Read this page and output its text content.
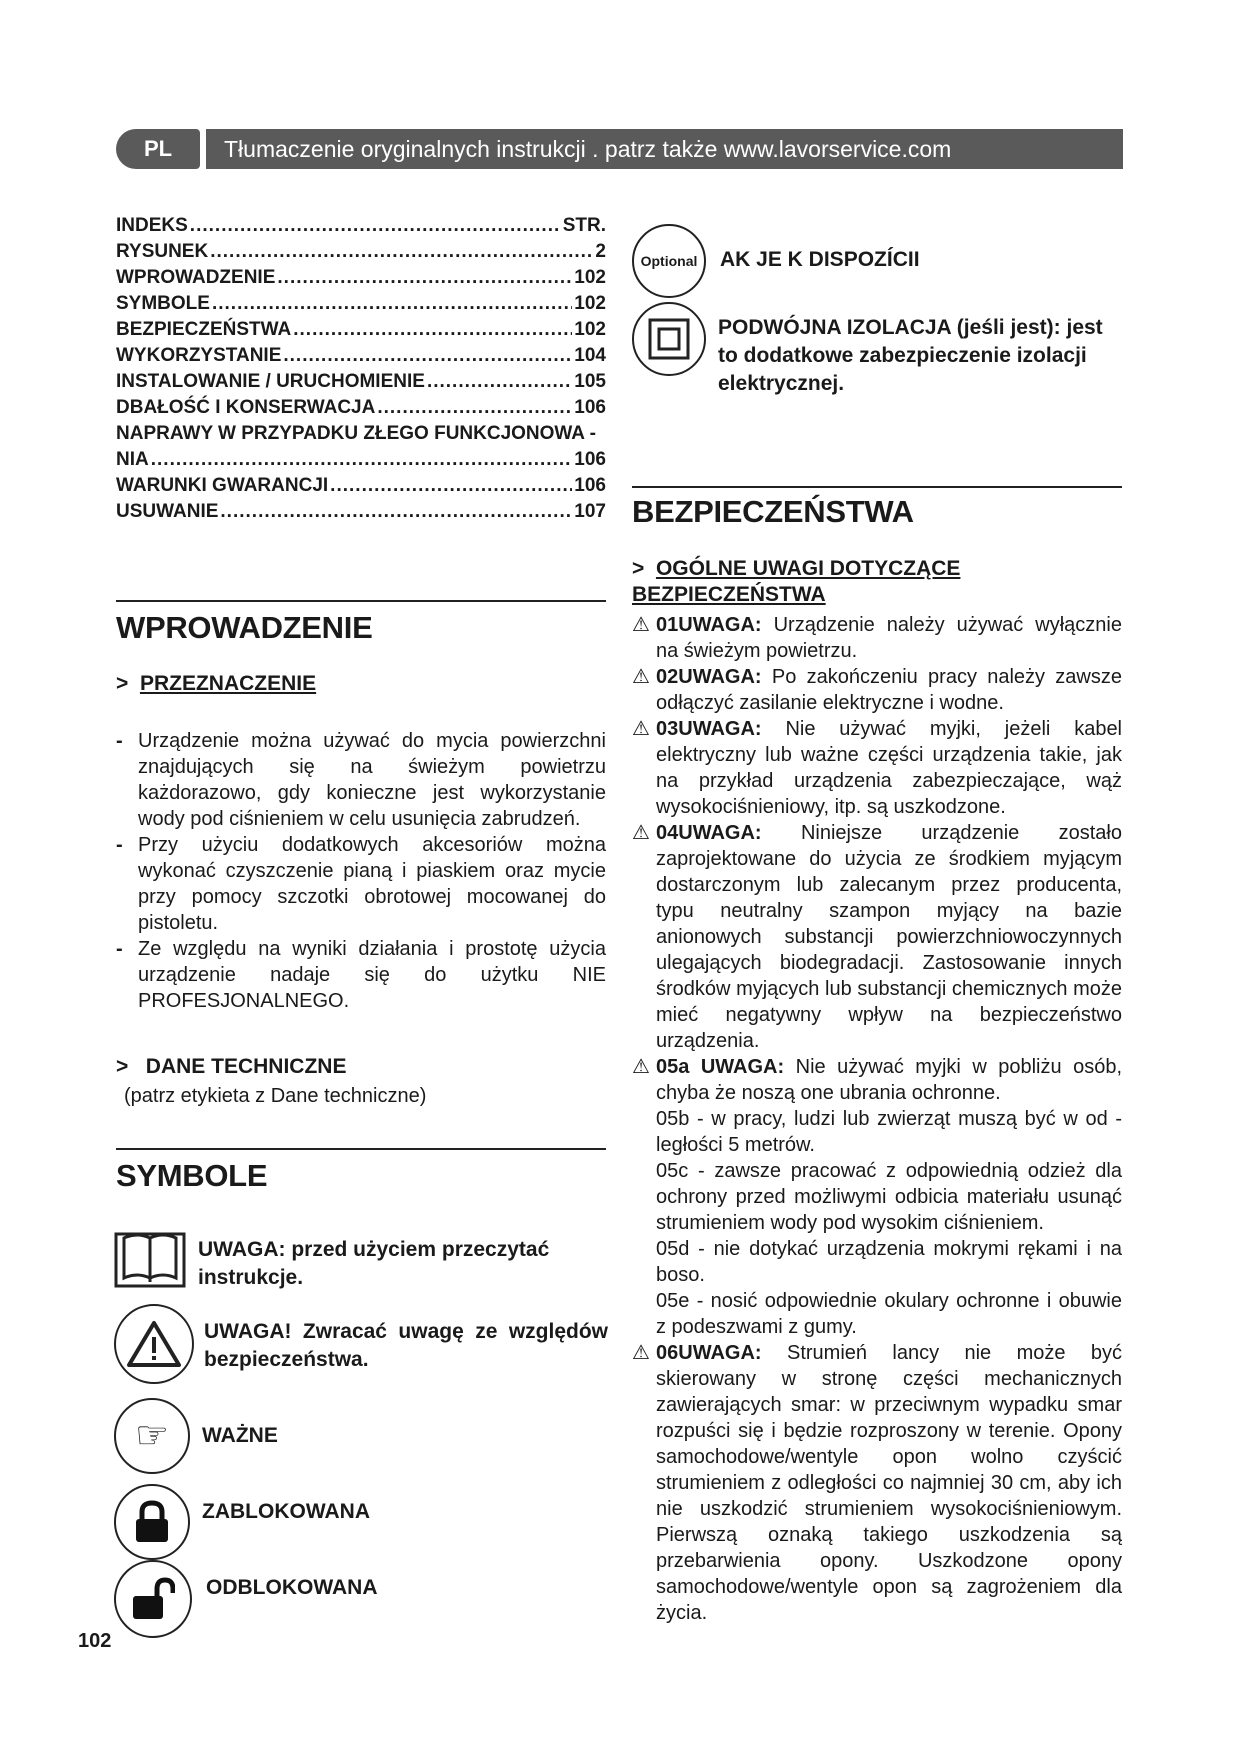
PL	Tłumaczenie oryginalnych instrukcji . patrz także www.lavorservice.com
INDEKS .....	STR.
RYSUNEK .....	2
WPROWADZENIE .....	102
SYMBOLE .....	102
BEZPIECZEŃSTWA .....	102
WYKORZYSTANIE .....	104
INSTALOWANIE / URUCHOMIENIE .....	105
DBAŁOŚĆ I KONSERWACJA .....	106
NAPRAWY W PRZYPADKU ZŁEGO FUNKCJONOWA -
NIA .....	106
WARUNKI GWARANCJI .....	106
USUWANIE .....	107
WPROWADZENIE
>  PRZEZNACZENIE
- Urządzenie można używać do mycia powierzchni znajdujących się na świeżym powietrzu każdorazowo, gdy konieczne jest wykorzystanie wody pod ciśnieniem w celu usunięcia zabrudzeń.
- Przy użyciu dodatkowych akcesoriów można wykonać czyszczenie pianą i piaskiem oraz mycie przy pomocy szczotki obrotowej mocowanej do pistoletu.
- Ze względu na wyniki działania i prostotę użycia urządzenie nadaje się do użytku NIE PROFESJONALNEGO.
>   DANE TECHNICZNE
(patrz etykieta z Dane techniczne)
SYMBOLE
UWAGA: przed użyciem przeczytać instrukcje.
UWAGA! Zwracać uwagę ze względów bezpieczeństwa.
☞ WAŻNE
ZABLOKOWANA
ODBLOKOWANA
102
Optional AK JE K DISPOZÍCII
PODWÓJNA IZOLACJA (jeśli jest): jest to dodatkowe zabezpieczenie izolacji elektrycznej.
BEZPIECZEŃSTWA
>  OGÓLNE UWAGI DOTYCZĄCE BEZPIECZEŃSTWA
⚠ 01UWAGA: Urządzenie należy używać wyłącznie na świeżym powietrzu.
⚠ 02UWAGA: Po zakończeniu pracy należy zawsze odłączyć zasilanie elektryczne i wodne.
⚠ 03UWAGA: Nie używać myjki, jeżeli kabel elektryczny lub ważne części urządzenia takie, jak na przykład urządzenia zabezpieczające, wąż wysokociśnieniowy, itp. są uszkodzone.
⚠ 04UWAGA: Niniejsze urządzenie zostało zaprojektowane do użycia ze środkiem myjącym dostarczonym lub zalecanym przez producenta, typu neutralny szampon myjący na bazie anionowych substancji powierzchniowoczynnych ulegających biodegradacji. Zastosowanie innych środków myjących lub substancji chemicznych może mieć negatywny wpływ na bezpieczeństwo urządzenia.
⚠ 05a UWAGA: Nie używać myjki w pobliżu osób, chyba że noszą one ubrania ochronne.
05b - w pracy, ludzi lub zwierząt muszą być w od - ległości 5 metrów.
05c - zawsze pracować z odpowiednią odzież dla ochrony przed możliwymi odbicia materiału usunąć strumieniem wody pod wysokim ciśnieniem.
05d - nie dotykać urządzenia mokrymi rękami i na boso.
05e - nosić odpowiednie okulary ochronne i obuwie z podeszwami z gumy.
⚠ 06UWAGA: Strumień lancy nie może być skierowany w stronę części mechanicznych zawierających smar: w przeciwnym wypadku smar rozpuści się i będzie rozproszony w terenie. Opony samochodowe/wentyle opon wolno czyścić strumieniem z odległości co najmniej 30 cm, aby ich nie uszkodzić strumieniem wysokociśnieniowym. Pierwszą oznaką takiego uszkodzenia są przebarwienia opony. Uszkodzone opony samochodowe/wentyle opon są zagrożeniem dla życia.
